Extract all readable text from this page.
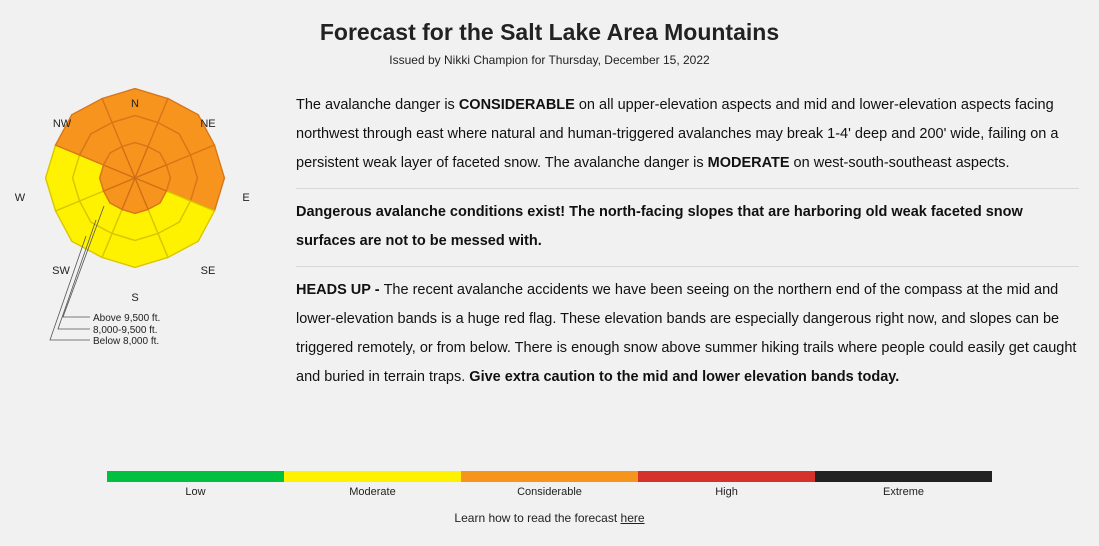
Forecast for the Salt Lake Area Mountains
Issued by Nikki Champion for Thursday, December 15, 2022
N
NE
E
SE
S
SW
W
NW
Above 9,500 ft.
8,000-9,500 ft.
Below 8,000 ft.
The avalanche danger is CONSIDERABLE on all upper-elevation aspects and mid and lower-elevation aspects facing northwest through east where natural and human-triggered avalanches may break 1-4' deep and 200' wide, failing on a persistent weak layer of faceted snow. The avalanche danger is MODERATE on west-south-southeast aspects.
Dangerous avalanche conditions exist! The north-facing slopes that are harboring old weak faceted snow surfaces are not to be messed with.
HEADS UP - The recent avalanche accidents we have been seeing on the northern end of the compass at the mid and lower-elevation bands is a huge red flag. These elevation bands are especially dangerous right now, and slopes can be triggered remotely, or from below. There is enough snow above summer hiking trails where people could easily get caught and buried in terrain traps. Give extra caution to the mid and lower elevation bands today.
Low	Moderate	Considerable	High	Extreme
Learn how to read the forecast here
